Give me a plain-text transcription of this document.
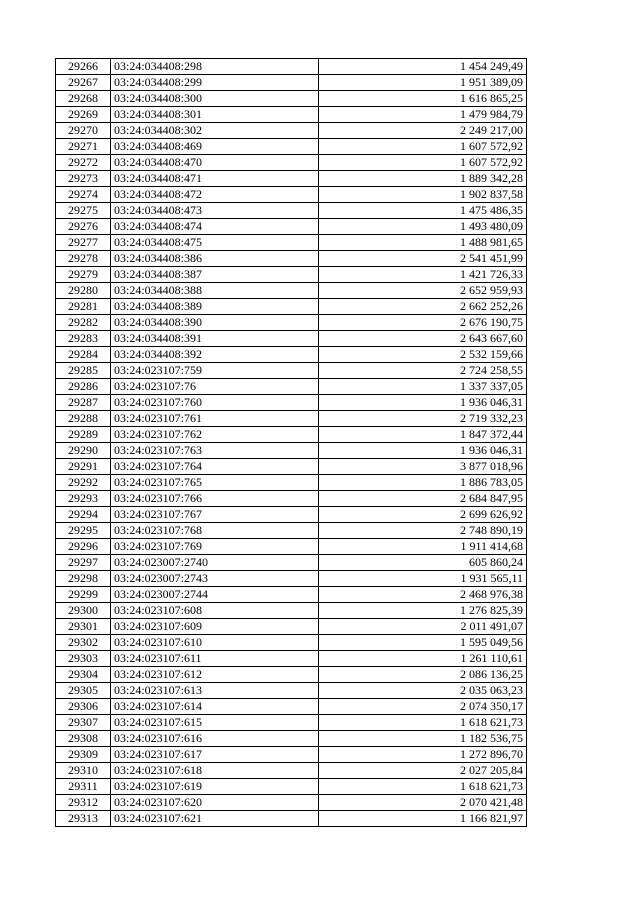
29266	03:24:034408:298	1 454 249,49
29267	03:24:034408:299	1 951 389,09
29268	03:24:034408:300	1 616 865,25
29269	03:24:034408:301	1 479 984,79
29270	03:24:034408:302	2 249 217,00
29271	03:24:034408:469	1 607 572,92
29272	03:24:034408:470	1 607 572,92
29273	03:24:034408:471	1 889 342,28
29274	03:24:034408:472	1 902 837,58
29275	03:24:034408:473	1 475 486,35
29276	03:24:034408:474	1 493 480,09
29277	03:24:034408:475	1 488 981,65
29278	03:24:034408:386	2 541 451,99
29279	03:24:034408:387	1 421 726,33
29280	03:24:034408:388	2 652 959,93
29281	03:24:034408:389	2 662 252,26
29282	03:24:034408:390	2 676 190,75
29283	03:24:034408:391	2 643 667,60
29284	03:24:034408:392	2 532 159,66
29285	03:24:023107:759	2 724 258,55
29286	03:24:023107:76	1 337 337,05
29287	03:24:023107:760	1 936 046,31
29288	03:24:023107:761	2 719 332,23
29289	03:24:023107:762	1 847 372,44
29290	03:24:023107:763	1 936 046,31
29291	03:24:023107:764	3 877 018,96
29292	03:24:023107:765	1 886 783,05
29293	03:24:023107:766	2 684 847,95
29294	03:24:023107:767	2 699 626,92
29295	03:24:023107:768	2 748 890,19
29296	03:24:023107:769	1 911 414,68
29297	03:24:023007:2740	605 860,24
29298	03:24:023007:2743	1 931 565,11
29299	03:24:023007:2744	2 468 976,38
29300	03:24:023107:608	1 276 825,39
29301	03:24:023107:609	2 011 491,07
29302	03:24:023107:610	1 595 049,56
29303	03:24:023107:611	1 261 110,61
29304	03:24:023107:612	2 086 136,25
29305	03:24:023107:613	2 035 063,23
29306	03:24:023107:614	2 074 350,17
29307	03:24:023107:615	1 618 621,73
29308	03:24:023107:616	1 182 536,75
29309	03:24:023107:617	1 272 896,70
29310	03:24:023107:618	2 027 205,84
29311	03:24:023107:619	1 618 621,73
29312	03:24:023107:620	2 070 421,48
29313	03:24:023107:621	1 166 821,97
